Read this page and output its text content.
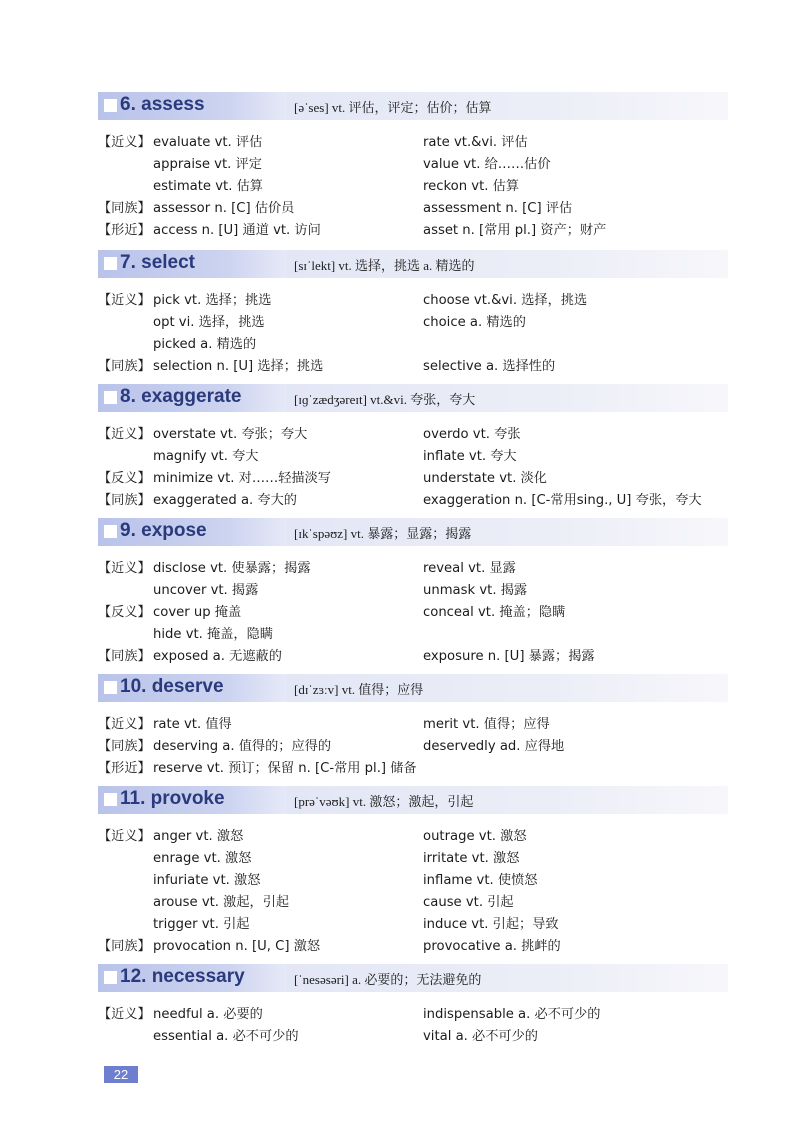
6. assess	[əˈses] vt. 评估，评定；估价；估算
【近义】 evaluate vt. 评估	rate vt.&vi. 评估
appraise vt. 评定	value vt. 给……估价
estimate vt. 估算	reckon vt. 估算
【同族】 assessor n. [C] 估价员	assessment n. [C] 评估
【形近】 access n. [U] 通道 vt. 访问	asset n. [常用 pl.] 资产；财产
7. select	[sɪˈlekt] vt. 选择，挑选 a. 精选的
【近义】 pick vt. 选择；挑选	choose vt.&vi. 选择，挑选
opt vi. 选择，挑选	choice a. 精选的
picked a. 精选的
【同族】 selection n. [U] 选择；挑选	selective a. 选择性的
8. exaggerate	[ɪɡˈzædʒəreɪt] vt.&vi. 夸张，夸大
【近义】 overstate vt. 夸张；夸大	overdo vt. 夸张
magnify vt. 夸大	inflate vt. 夸大
【反义】 minimize vt. 对……轻描淡写	understate vt. 淡化
【同族】 exaggerated a. 夸大的	exaggeration n. [C-常用sing., U] 夸张，夸大
9. expose	[ɪkˈspəʊz] vt. 暴露；显露；揭露
【近义】 disclose vt. 使暴露；揭露	reveal vt. 显露
uncover vt. 揭露	unmask vt. 揭露
【反义】 cover up 掩盖	conceal vt. 掩盖；隐瞒
hide vt. 掩盖，隐瞒
【同族】 exposed a. 无遮蔽的	exposure n. [U] 暴露；揭露
10. deserve	[dɪˈzɜːv] vt. 值得；应得
【近义】 rate vt. 值得	merit vt. 值得；应得
【同族】 deserving a. 值得的；应得的	deservedly ad. 应得地
【形近】 reserve vt. 预订；保留 n. [C-常用 pl.] 储备
11. provoke	[prəˈvəʊk] vt. 激怒；激起，引起
【近义】 anger vt. 激怒	outrage vt. 激怒
enrage vt. 激怒	irritate vt. 激怒
infuriate vt. 激怒	inflame vt. 使愤怒
arouse vt. 激起，引起	cause vt. 引起
trigger vt. 引起	induce vt. 引起；导致
【同族】 provocation n. [U, C] 激怒	provocative a. 挑衅的
12. necessary	[ˈnesəsəri] a. 必要的；无法避免的
【近义】 needful a. 必要的	indispensable a. 必不可少的
essential a. 必不可少的	vital a. 必不可少的
22
